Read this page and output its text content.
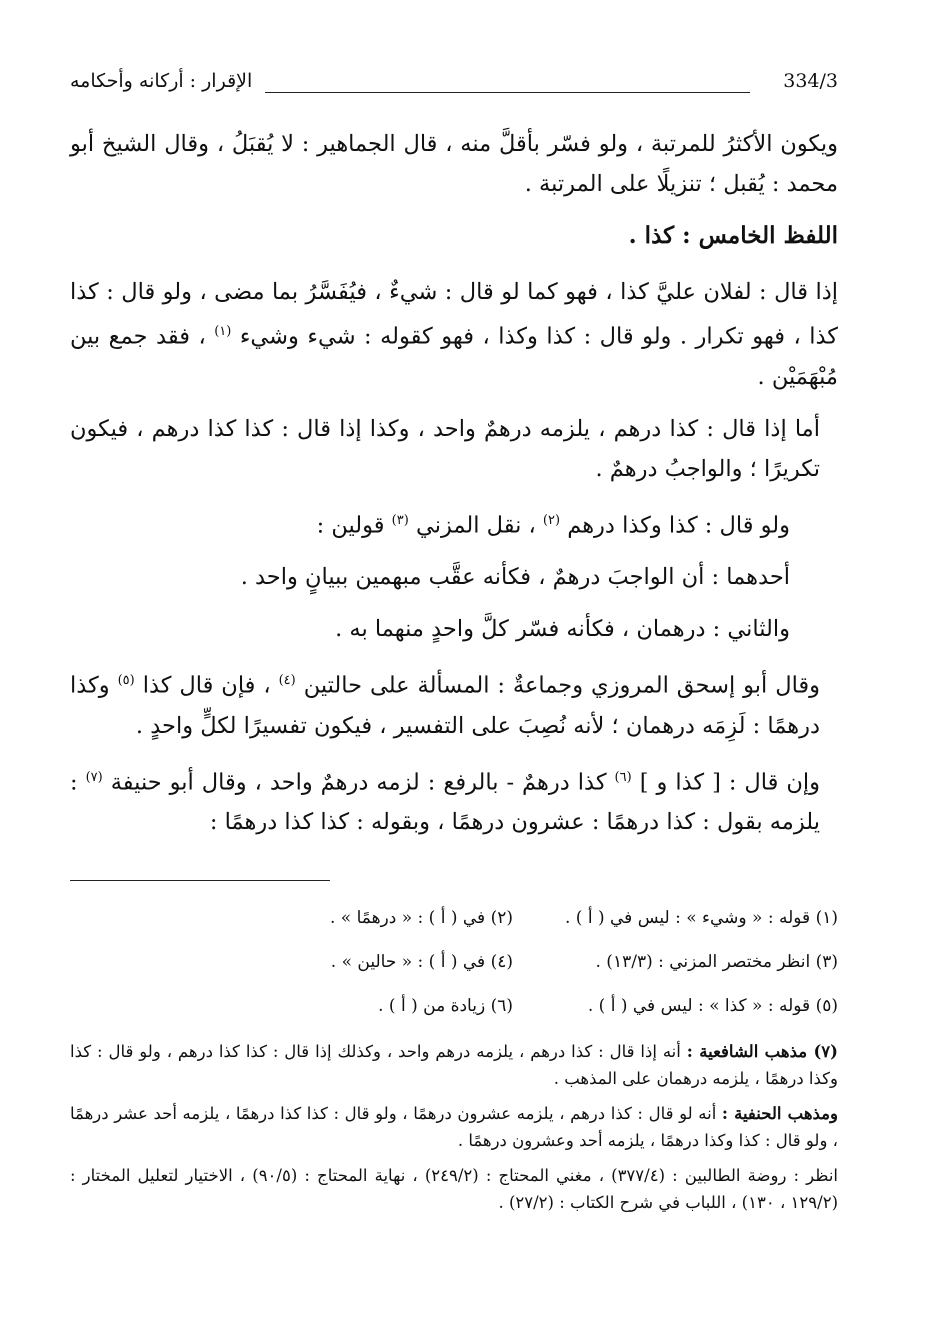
334/3
الإقرار : أركانه وأحكامه

ويكون الأكثرُ للمرتبة ، ولو فسّر بأقلَّ منه ، قال الجماهير : لا يُقبَلُ ، وقال الشيخ أبو محمد : يُقبل ؛ تنزيلًا على المرتبة .

اللفظ الخامس : كذا .

إذا قال : لفلان عليَّ كذا ، فهو كما لو قال : شيءٌ ، فيُفَسَّرُ بما مضى ، ولو قال : كذا كذا ، فهو تكرار . ولو قال : كذا وكذا ، فهو كقوله : شيء وشيء $^{(١)}$ ، فقد جمع بين مُبْهَمَيْن .

أما إذا قال : كذا درهم ، يلزمه درهمٌ واحد ، وكذا إذا قال : كذا كذا درهم ، فيكون تكريرًا ؛ والواجبُ درهمٌ .

ولو قال : كذا وكذا درهم $^{(٢)}$ ، نقل المزني $^{(٣)}$ قولين :

أحدهما : أن الواجبَ درهمٌ ، فكأنه عقَّب مبهمين ببيانٍ واحد .

والثاني : درهمان ، فكأنه فسّر كلَّ واحدٍ منهما به .

وقال أبو إسحق المروزي وجماعةٌ : المسألة على حالتين $^{(٤)}$ ، فإن قال كذا $^{(٥)}$ وكذا درهمًا : لَزِمَه درهمان ؛ لأنه نُصِبَ على التفسير ، فيكون تفسيرًا لكلٍّ واحدٍ .

وإن قال : [ كذا و ] $^{(٦)}$ كذا درهمٌ - بالرفع : لزمه درهمٌ واحد ، وقال أبو حنيفة $^{(٧)}$ : يلزمه بقول : كذا درهمًا : عشرون درهمًا ، وبقوله : كذا كذا درهمًا :

(١) قوله : « وشيء » : ليس في ( أ ) .
(٢) في ( أ ) : « درهمًا » .
(٣) انظر مختصر المزني : (١٣/٣) .
(٤) في ( أ ) : « حالين » .
(٥) قوله : « كذا » : ليس في ( أ ) .
(٦) زيادة من ( أ ) .

(٧) مذهب الشافعية : أنه إذا قال : كذا درهم ، يلزمه درهم واحد ، وكذلك إذا قال : كذا كذا درهم ، ولو قال : كذا وكذا درهمًا ، يلزمه درهمان على المذهب .

ومذهب الحنفية : أنه لو قال : كذا درهم ، يلزمه عشرون درهمًا ، ولو قال : كذا كذا درهمًا ، يلزمه أحد عشر درهمًا ، ولو قال : كذا وكذا درهمًا ، يلزمه أحد وعشرون درهمًا .

انظر : روضة الطالبين : (٣٧٧/٤) ، مغني المحتاج : (٢٤٩/٢) ، نهاية المحتاج : (٩٠/٥) ، الاختيار لتعليل المختار : (١٢٩/٢ ، ١٣٠) ، اللباب في شرح الكتاب : (٢٧/٢) .
